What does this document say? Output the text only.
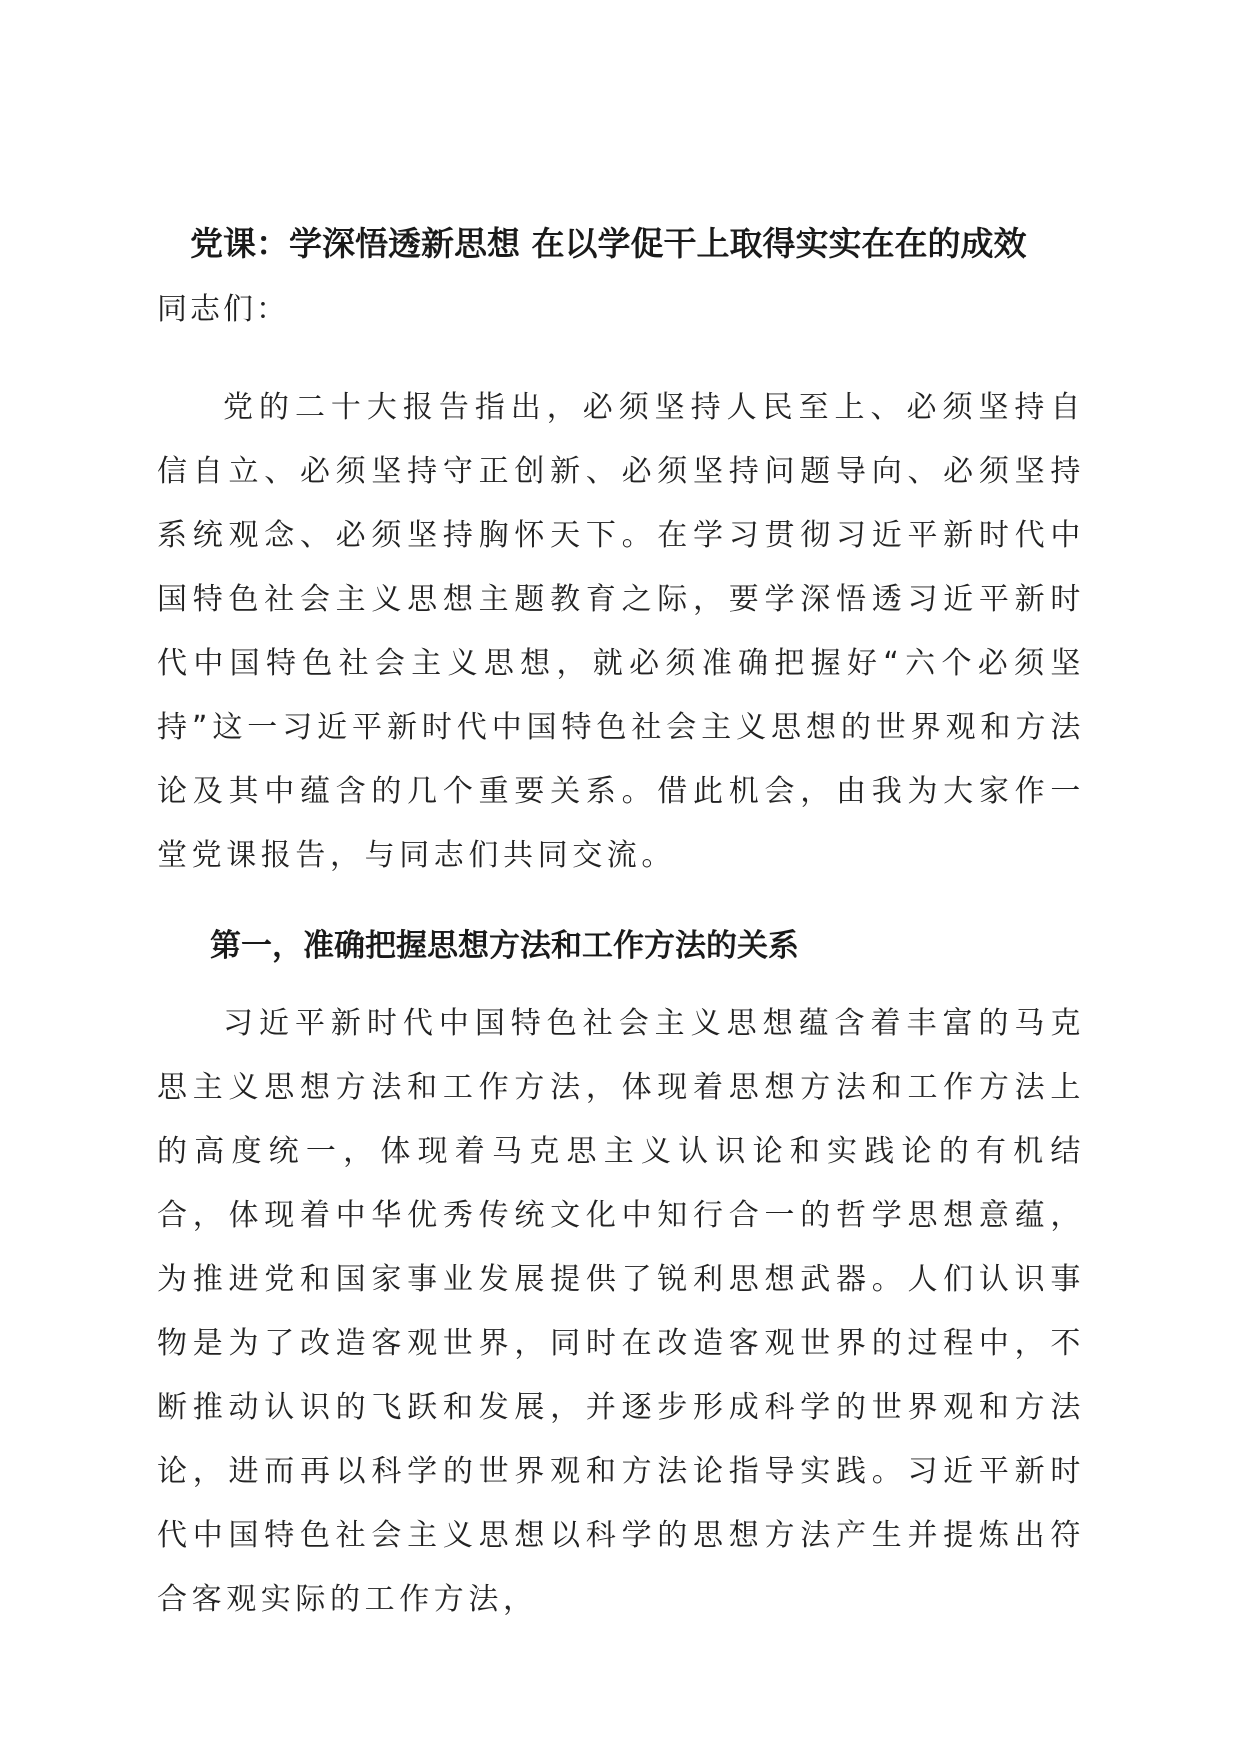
党课：学深悟透新思想 在以学促干上取得实实在在的成效
同志们：

党的二十大报告指出，必须坚持人民至上、必须坚持自信自立、必须坚持守正创新、必须坚持问题导向、必须坚持系统观念、必须坚持胸怀天下。在学习贯彻习近平新时代中国特色社会主义思想主题教育之际，要学深悟透习近平新时代中国特色社会主义思想，就必须准确把握好“六个必须坚持”这一习近平新时代中国特色社会主义思想的世界观和方法论及其中蕴含的几个重要关系。借此机会，由我为大家作一堂党课报告，与同志们共同交流。

第一，准确把握思想方法和工作方法的关系

习近平新时代中国特色社会主义思想蕴含着丰富的马克思主义思想方法和工作方法，体现着思想方法和工作方法上的高度统一，体现着马克思主义认识论和实践论的有机结合，体现着中华优秀传统文化中知行合一的哲学思想意蕴，为推进党和国家事业发展提供了锐利思想武器。人们认识事物是为了改造客观世界，同时在改造客观世界的过程中，不断推动认识的飞跃和发展，并逐步形成科学的世界观和方法论，进而再以科学的世界观和方法论指导实践。习近平新时代中国特色社会主义思想以科学的思想方法产生并提炼出符合客观实际的工作方法，
